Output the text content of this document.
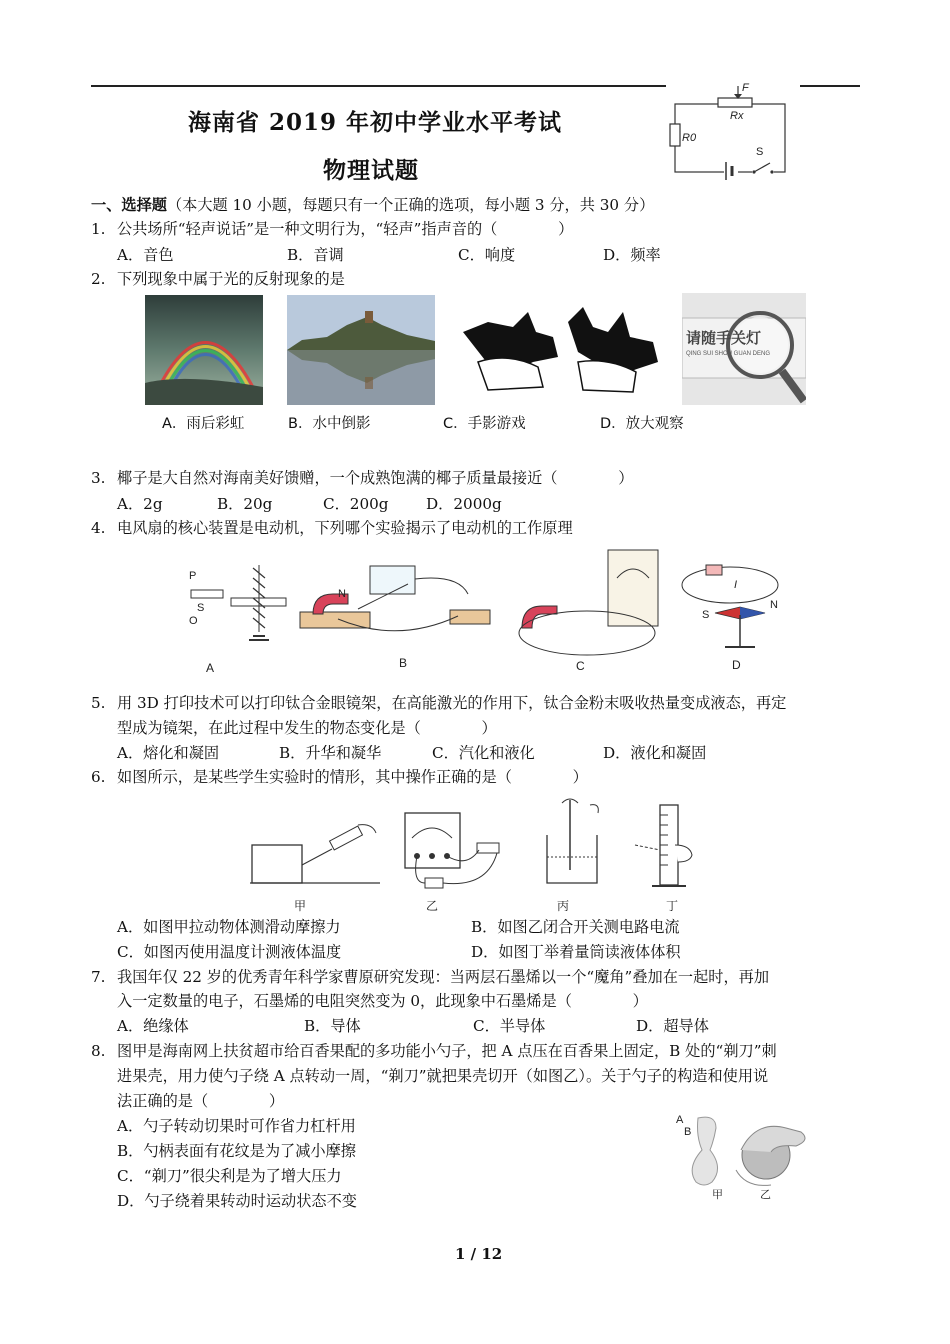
海南省 2019 年初中学业水平考试
物理试题
F
Rx
R0
S
一、选择题（本大题 10 小题，每题只有一个正确的选项，每小题 3 分，共 30 分）
1. 公共场所“轻声说话”是一种文明行为，“轻声”指声音的（　　　　）
A．音色	B．音调	C．响度	D．频率
2. 下列现象中属于光的反射现象的是
请随手关灯
QING SUI SHOU GUAN DENG
A．雨后彩虹	B．水中倒影	C．手影游戏	D．放大观察
3. 椰子是大自然对海南美好馈赠，一个成熟饱满的椰子质量最接近（　　　　）
A．2g	B．20g	C．200g D．2000g
4. 电风扇的核心装置是电动机，下列哪个实验揭示了电动机的工作原理
P
S
O
N
I
S
N
A	B	C	D
5. 用 3D 打印技术可以打印钛合金眼镜架，在高能激光的作用下，钛合金粉末吸收热量变成液态，再定
型成为镜架，在此过程中发生的物态变化是（　　　　）
A．熔化和凝固	B．升华和凝华	C．汽化和液化	D．液化和凝固
6. 如图所示，是某些学生实验时的情形，其中操作正确的是（　　　　）
甲	乙	丙	丁
A．如图甲拉动物体测滑动摩擦力	B．如图乙闭合开关测电路电流
C．如图丙使用温度计测液体温度	D．如图丁举着量筒读液体体积
7. 我国年仅 22 岁的优秀青年科学家曹原研究发现：当两层石墨烯以一个“魔角”叠加在一起时，再加
入一定数量的电子，石墨烯的电阻突然变为 0，此现象中石墨烯是（　　　　）
A．绝缘体	B．导体	C．半导体	D．超导体
8. 图甲是海南网上扶贫超市给百香果配的多功能小勺子，把 A 点压在百香果上固定，B 处的“剃刀”刺
进果壳，用力使勺子绕 A 点转动一周，“剃刀”就把果壳切开（如图乙）。关于勺子的构造和使用说
法正确的是（　　　　）
A．勺子转动切果时可作省力杠杆用
B．勺柄表面有花纹是为了减小摩擦
C．“剃刀”很尖利是为了增大压力
D．勺子绕着果转动时运动状态不变
A
B
甲	乙
1 / 12
